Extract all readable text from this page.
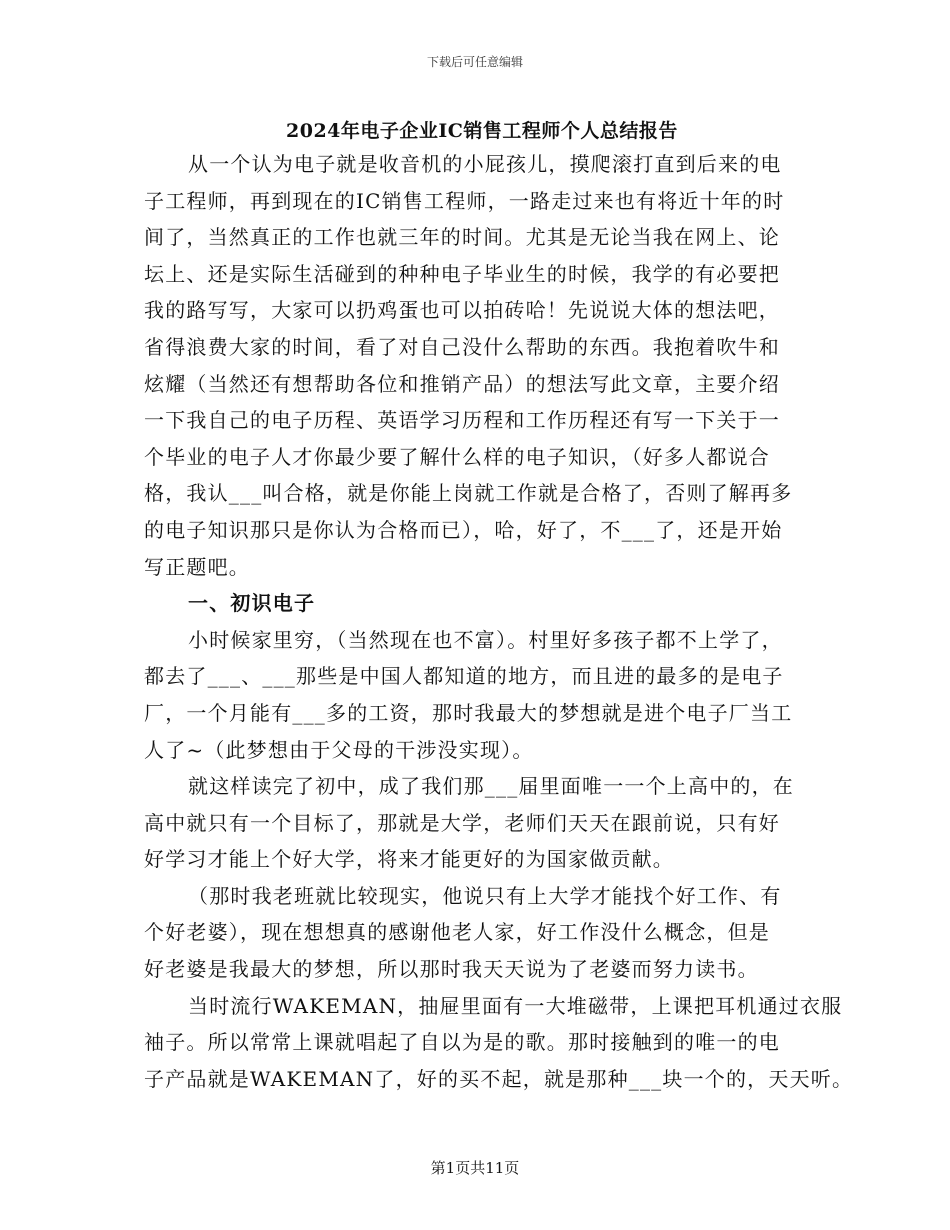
下载后可任意编辑
2024年电子企业IC销售工程师个人总结报告
从一个认为电子就是收音机的小屁孩儿，摸爬滚打直到后来的电
子工程师，再到现在的IC销售工程师，一路走过来也有将近十年的时
间了，当然真正的工作也就三年的时间。尤其是无论当我在网上、论
坛上、还是实际生活碰到的种种电子毕业生的时候，我学的有必要把
我的路写写，大家可以扔鸡蛋也可以拍砖哈！先说说大体的想法吧，
省得浪费大家的时间，看了对自己没什么帮助的东西。我抱着吹牛和
炫耀（当然还有想帮助各位和推销产品）的想法写此文章，主要介绍
一下我自己的电子历程、英语学习历程和工作历程还有写一下关于一
个毕业的电子人才你最少要了解什么样的电子知识，（好多人都说合
格，我认___叫合格，就是你能上岗就工作就是合格了，否则了解再多
的电子知识那只是你认为合格而已），哈，好了，不___了，还是开始
写正题吧。
一、初识电子
小时候家里穷，（当然现在也不富）。村里好多孩子都不上学了，
都去了___、___那些是中国人都知道的地方，而且进的最多的是电子
厂，一个月能有___多的工资，那时我最大的梦想就是进个电子厂当工
人了~（此梦想由于父母的干涉没实现）。
就这样读完了初中，成了我们那___届里面唯一一个上高中的，在
高中就只有一个目标了，那就是大学，老师们天天在跟前说，只有好
好学习才能上个好大学，将来才能更好的为国家做贡献。
（那时我老班就比较现实，他说只有上大学才能找个好工作、有
个好老婆），现在想想真的感谢他老人家，好工作没什么概念，但是
好老婆是我最大的梦想，所以那时我天天说为了老婆而努力读书。
当时流行WAKEMAN，抽屉里面有一大堆磁带，上课把耳机通过衣服
袖子。所以常常上课就唱起了自以为是的歌。那时接触到的唯一的电
子产品就是WAKEMAN了，好的买不起，就是那种___块一个的，天天听。
第1页共11页
